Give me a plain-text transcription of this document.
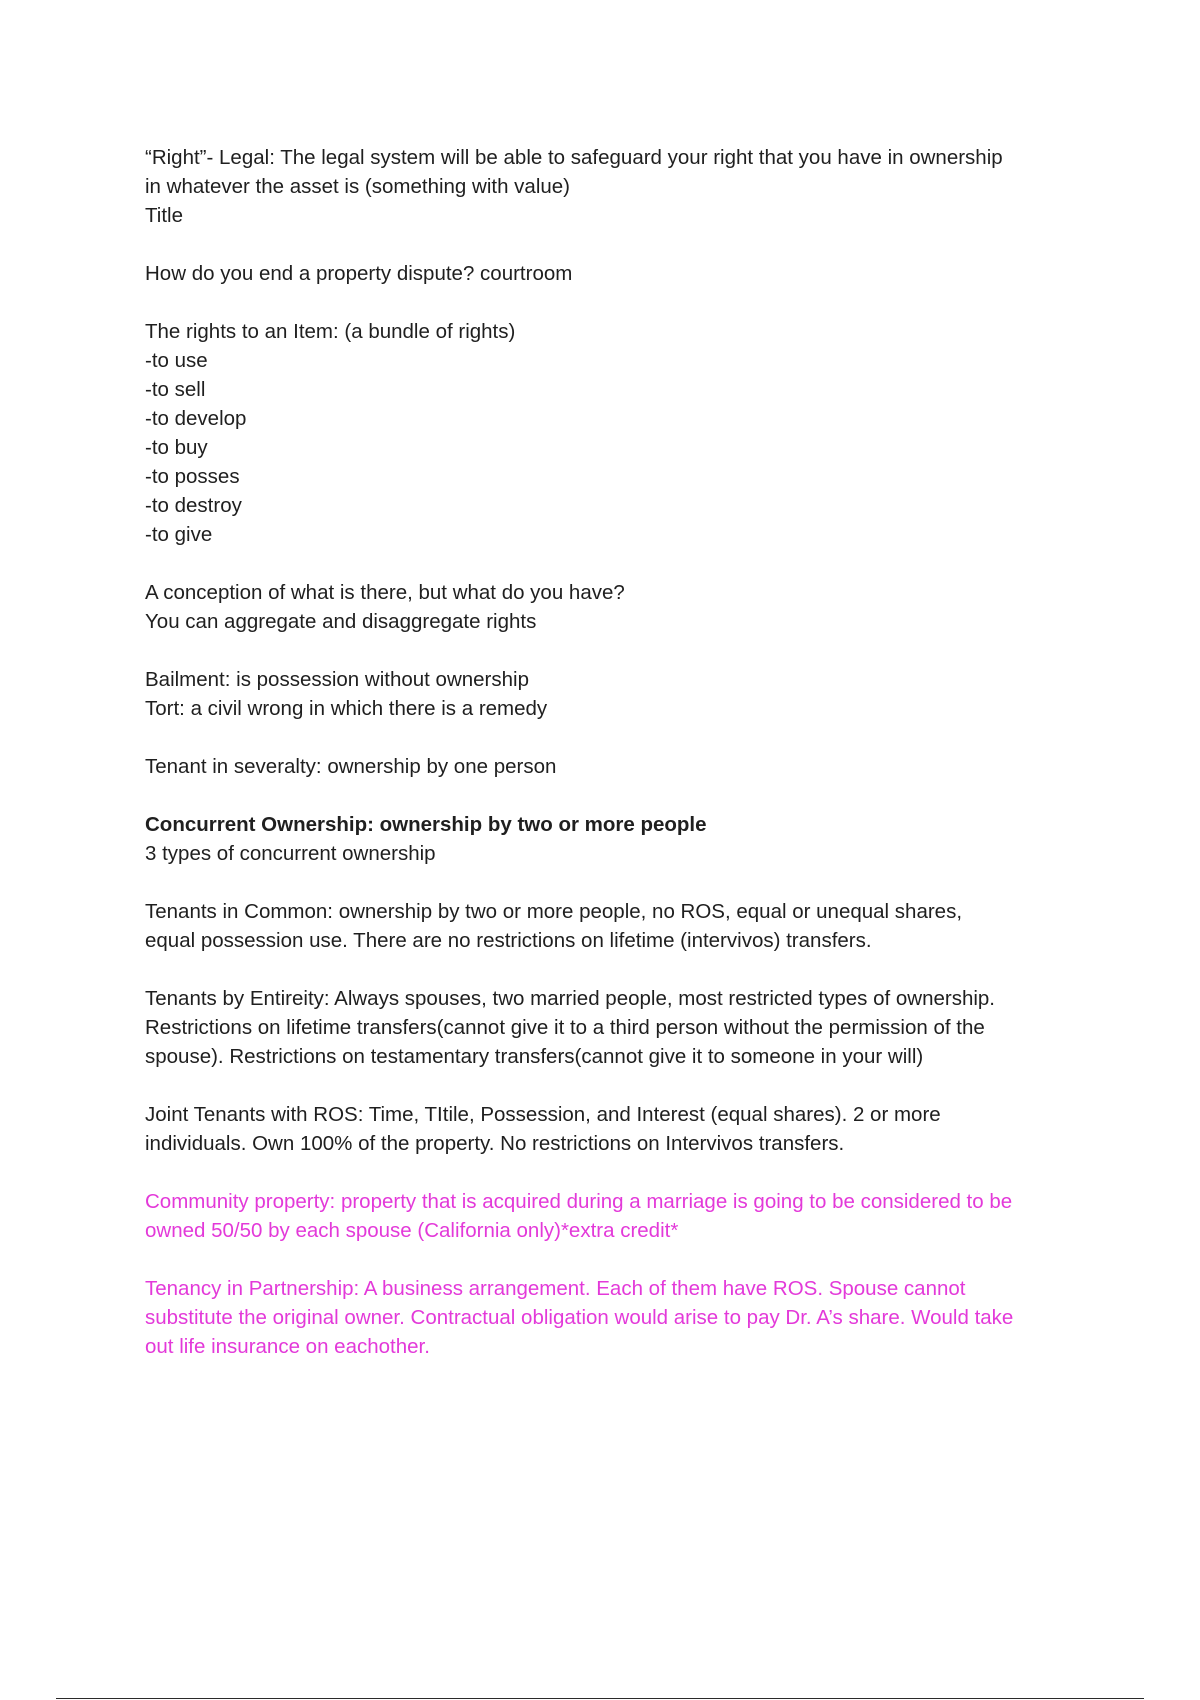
“Right”- Legal: The legal system will be able to safeguard your right that you have in ownership

in whatever the asset is (something with value)

Title

How do you end a property dispute? courtroom

The rights to an Item: (a bundle of rights)

-to use

-to sell

-to develop

-to buy

-to posses

-to destroy

-to give

A conception of what is there, but what do you have?

You can aggregate and disaggregate rights

Bailment: is possession without ownership

Tort: a civil wrong in which there is a remedy

Tenant in severalty: ownership by one person

Concurrent Ownership: ownership by two or more people

3 types of concurrent ownership

Tenants in Common: ownership by two or more people, no ROS, equal or unequal shares,

equal possession use. There are no restrictions on lifetime (intervivos) transfers.

Tenants by Entireity: Always spouses, two married people, most restricted types of ownership.

Restrictions on lifetime transfers(cannot give it to a third person without the permission of the

spouse). Restrictions on testamentary transfers(cannot give it to someone in your will)

Joint Tenants with ROS: Time, TItile, Possession, and Interest (equal shares). 2 or more

individuals. Own 100% of the property. No restrictions on Intervivos transfers.

Community property: property that is acquired during a marriage is going to be considered to be

owned 50/50 by each spouse (California only)*extra credit*

Tenancy in Partnership: A business arrangement. Each of them have ROS. Spouse cannot

substitute the original owner. Contractual obligation would arise to pay Dr. A’s share. Would take

out life insurance on eachother.
